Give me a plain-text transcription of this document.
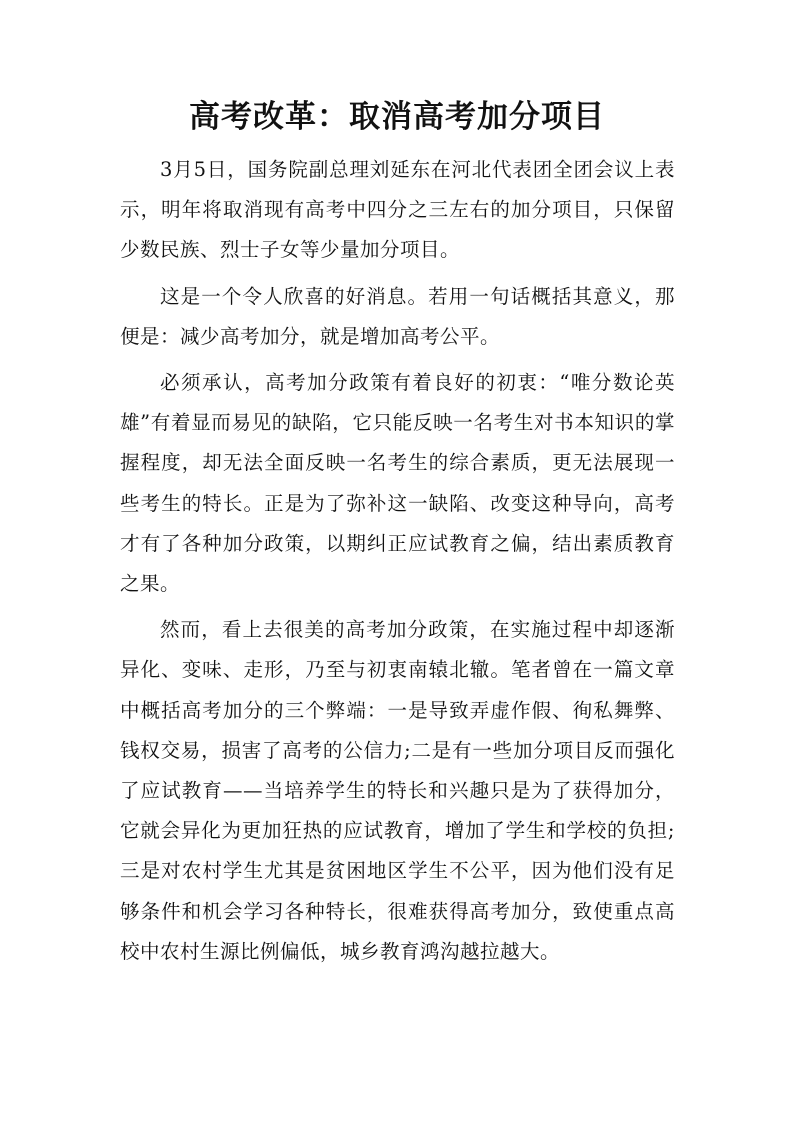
高考改革：取消高考加分项目

3月5日，国务院副总理刘延东在河北代表团全团会议上表示，明年将取消现有高考中四分之三左右的加分项目，只保留少数民族、烈士子女等少量加分项目。

这是一个令人欣喜的好消息。若用一句话概括其意义，那便是：减少高考加分，就是增加高考公平。

必须承认，高考加分政策有着良好的初衷：“唯分数论英雄”有着显而易见的缺陷，它只能反映一名考生对书本知识的掌握程度，却无法全面反映一名考生的综合素质，更无法展现一些考生的特长。正是为了弥补这一缺陷、改变这种导向，高考才有了各种加分政策，以期纠正应试教育之偏，结出素质教育之果。

然而，看上去很美的高考加分政策，在实施过程中却逐渐异化、变味、走形，乃至与初衷南辕北辙。笔者曾在一篇文章中概括高考加分的三个弊端：一是导致弄虚作假、徇私舞弊、钱权交易，损害了高考的公信力;二是有一些加分项目反而强化了应试教育——当培养学生的特长和兴趣只是为了获得加分，它就会异化为更加狂热的应试教育，增加了学生和学校的负担;三是对农村学生尤其是贫困地区学生不公平，因为他们没有足够条件和机会学习各种特长，很难获得高考加分，致使重点高校中农村生源比例偏低，城乡教育鸿沟越拉越大。
